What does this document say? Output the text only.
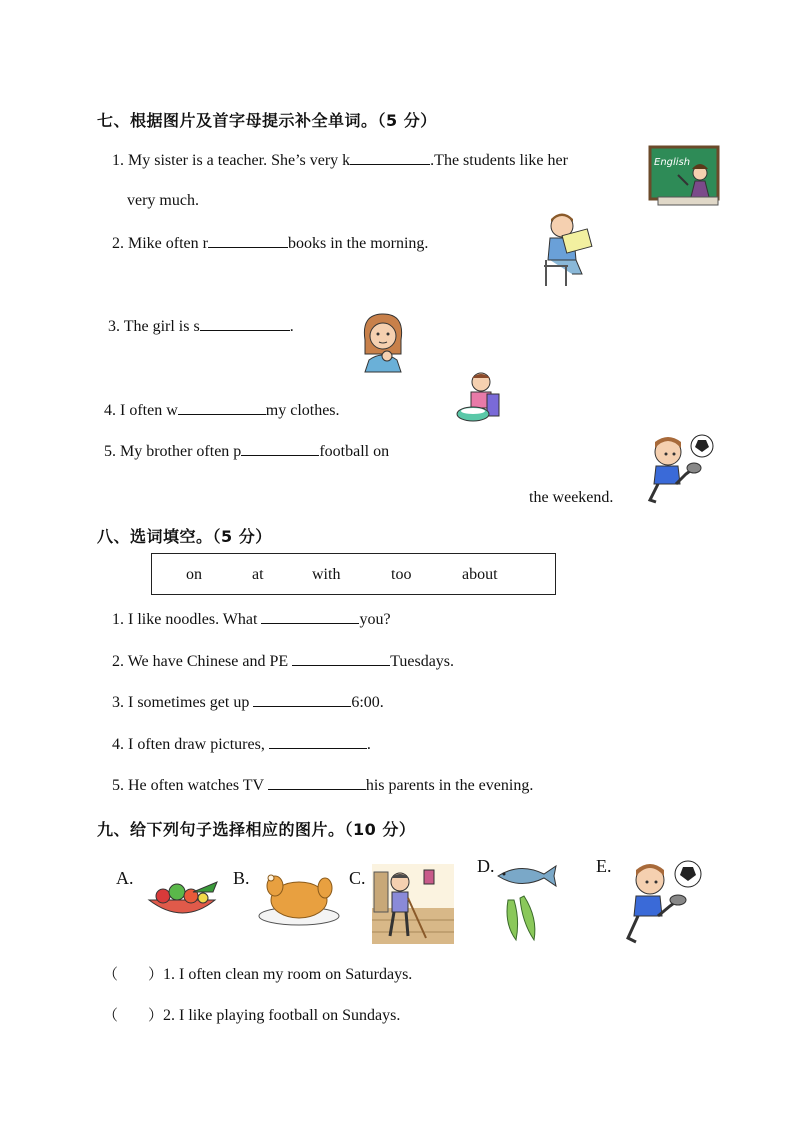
七、根据图片及首字母提示补全单词。（5 分）
1. My sister is a teacher. She’s very k	.The students like her
very much.
2. Mike often r	books in the morning.
3. The girl is s	.
4. I often w	my clothes.
5. My brother often p	football on
the weekend.
English
八、选词填空。（5 分）
on	at	with	too	about
1. I like noodles. What	you?
2. We have Chinese and PE	Tuesdays.
3. I sometimes get up	6:00.
4. I often draw pictures,	.
5. He often watches TV	his parents in the evening.
九、给下列句子选择相应的图片。（10 分）
A.	B.	C.
D.	E.
（　　）1. I often clean my room on Saturdays.
（　　）2. I like playing football on Sundays.
